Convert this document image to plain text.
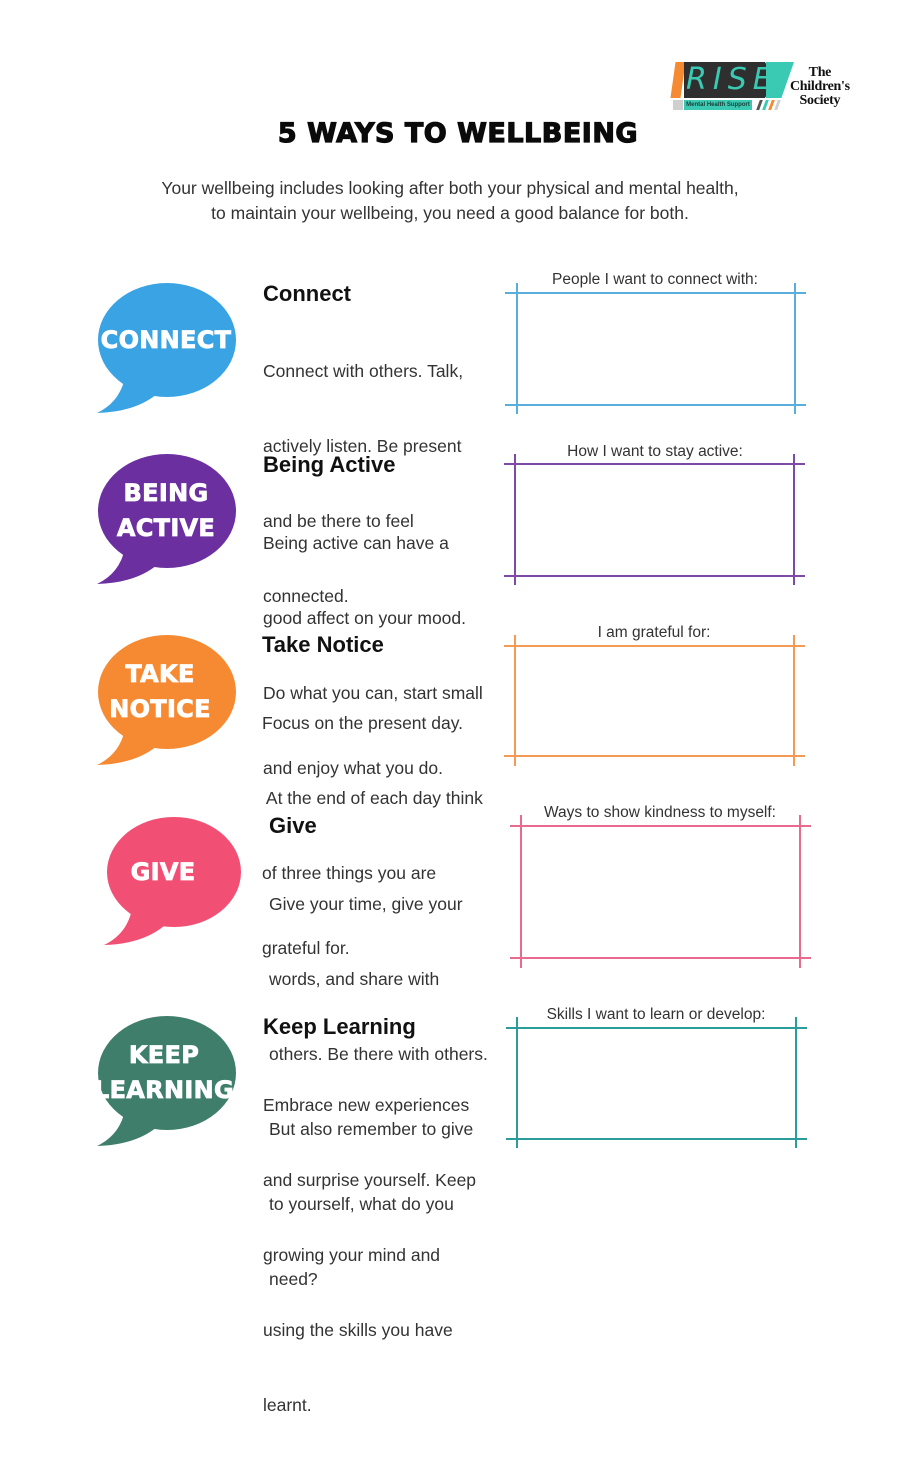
RISE
Mental Health Support
The
Children's
Society
5 WAYS TO WELLBEING
Your wellbeing includes looking after both your physical and mental health,
to maintain your wellbeing, you need a good balance for both.
CONNECT
Connect

Connect with others. Talk,

actively listen. Be present

and be there to feel

connected.

People I want to connect with:
BEING
ACTIVE
Being Active

Being active can have a

good affect on your mood.

Do what you can, start small

and enjoy what you do.

How I want to stay active:
TAKE
NOTICE
Take Notice

Focus on the present day.

At the end of each day think

of three things you are

grateful for.

I am grateful for:
GIVE
Give

Give your time, give your

words, and share with

others. Be there with others.

But also remember to give

to yourself, what do you

need?

Ways to show kindness to myself:
KEEP
LEARNING
Keep Learning

Embrace new experiences

and surprise yourself. Keep

growing your mind and

using the skills you have

learnt.

Skills I want to learn or develop:
